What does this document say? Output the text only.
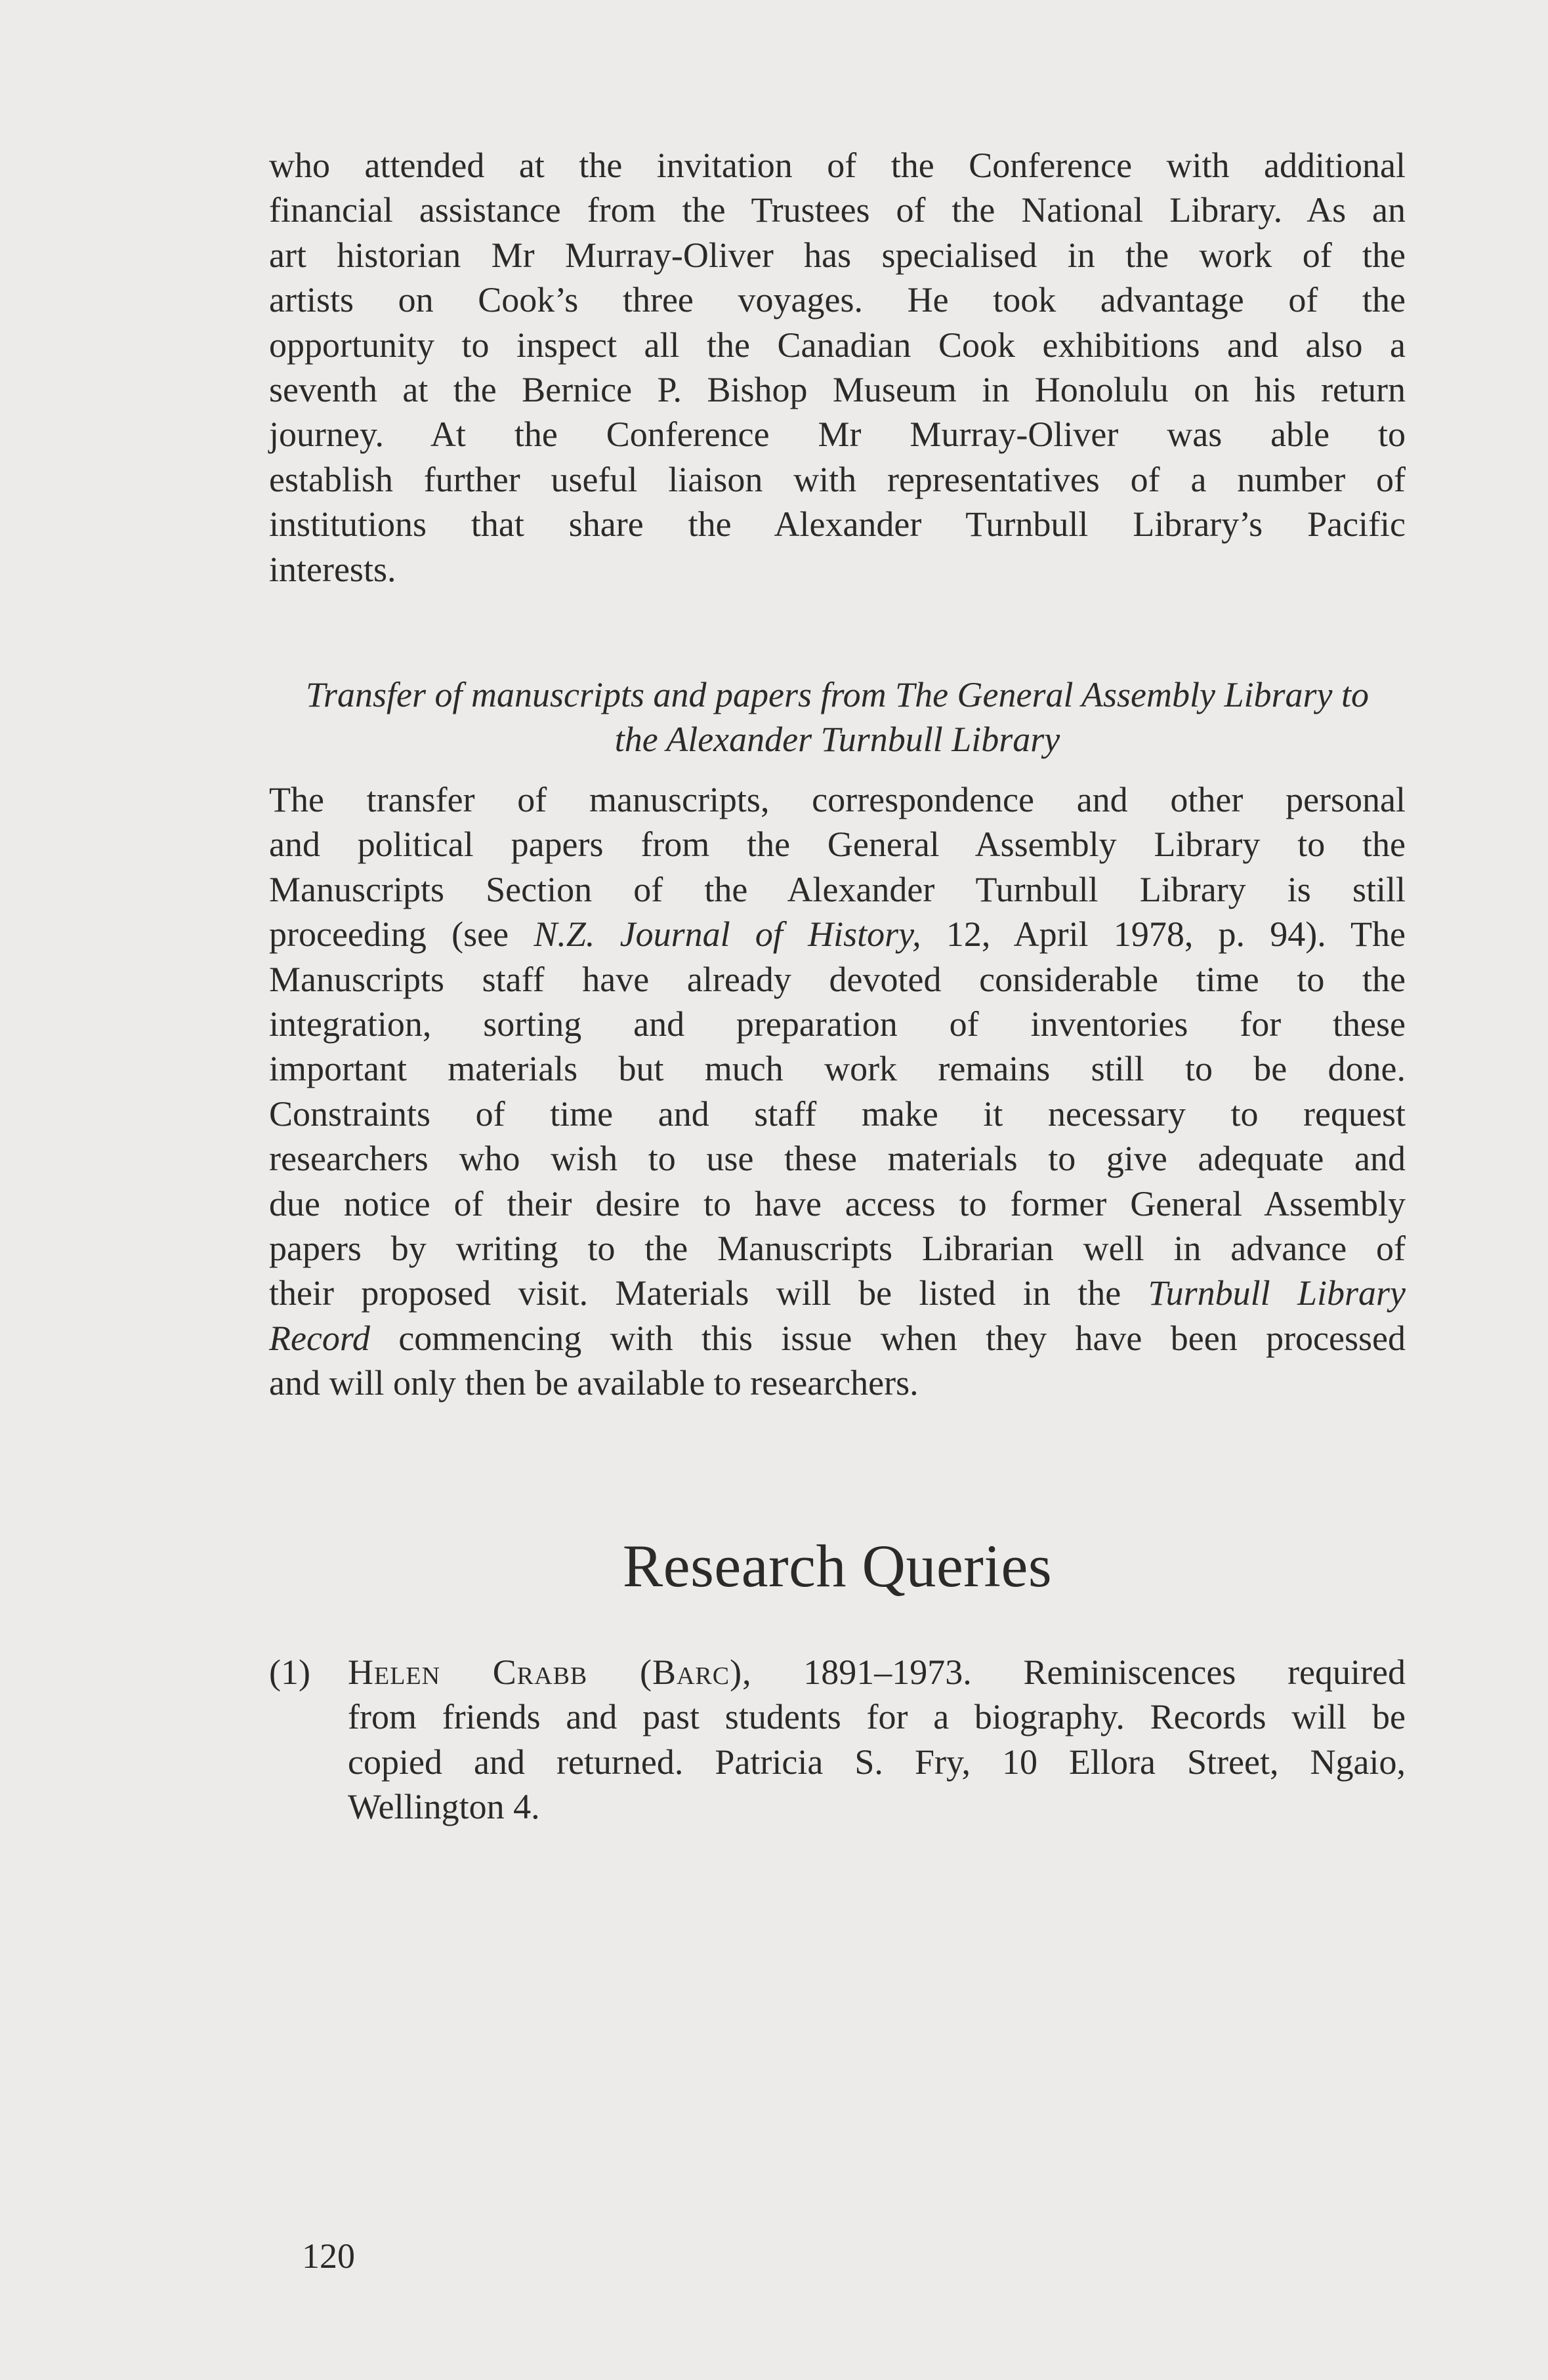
who attended at the invitation of the Conference with additional
financial assistance from the Trustees of the National Library. As an
art historian Mr Murray-Oliver has specialised in the work of the
artists on Cook’s three voyages. He took advantage of the
opportunity to inspect all the Canadian Cook exhibitions and also a
seventh at the Bernice P. Bishop Museum in Honolulu on his return
journey. At the Conference Mr Murray-Oliver was able to
establish further useful liaison with representatives of a number of
institutions that share the Alexander Turnbull Library’s Pacific
interests.
Transfer of manuscripts and papers from The General Assembly Library to
the Alexander Turnbull Library
The transfer of manuscripts, correspondence and other personal
and political papers from the General Assembly Library to the
Manuscripts Section of the Alexander Turnbull Library is still
proceeding (see N.Z. Journal of History, 12, April 1978, p. 94). The
Manuscripts staff have already devoted considerable time to the
integration, sorting and preparation of inventories for these
important materials but much work remains still to be done.
Constraints of time and staff make it necessary to request
researchers who wish to use these materials to give adequate and
due notice of their desire to have access to former General Assembly
papers by writing to the Manuscripts Librarian well in advance of
their proposed visit. Materials will be listed in the Turnbull Library
Record commencing with this issue when they have been processed
and will only then be available to researchers.
Research Queries
(1) Helen Crabb (Barc), 1891–1973. Reminiscences required
from friends and past students for a biography. Records will be
copied and returned. Patricia S. Fry, 10 Ellora Street, Ngaio,
Wellington 4.
120
